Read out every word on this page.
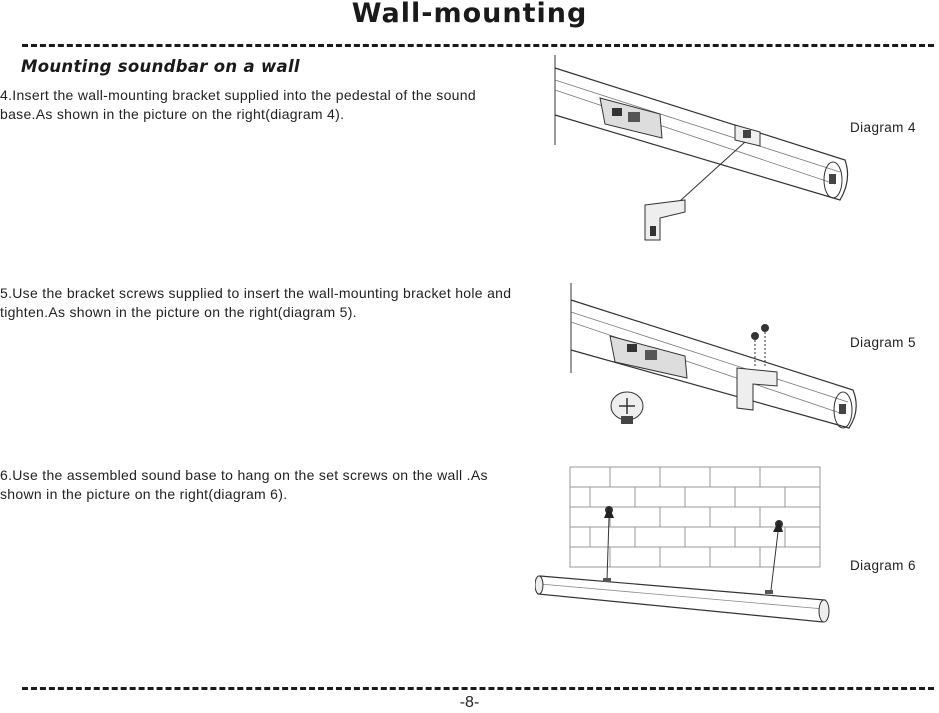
Wall-mounting
Mounting soundbar on a wall
4.Insert the wall-mounting bracket supplied into the pedestal of the sound base.As shown in the picture on the right(diagram 4).
Diagram 4
5.Use the bracket screws supplied to insert the wall-mounting bracket hole and tighten.As shown in the picture on the right(diagram 5).
Diagram 5
6.Use the assembled sound base to hang on the set screws on the wall .As shown in the picture on the right(diagram 6).
Diagram 6
-8-
